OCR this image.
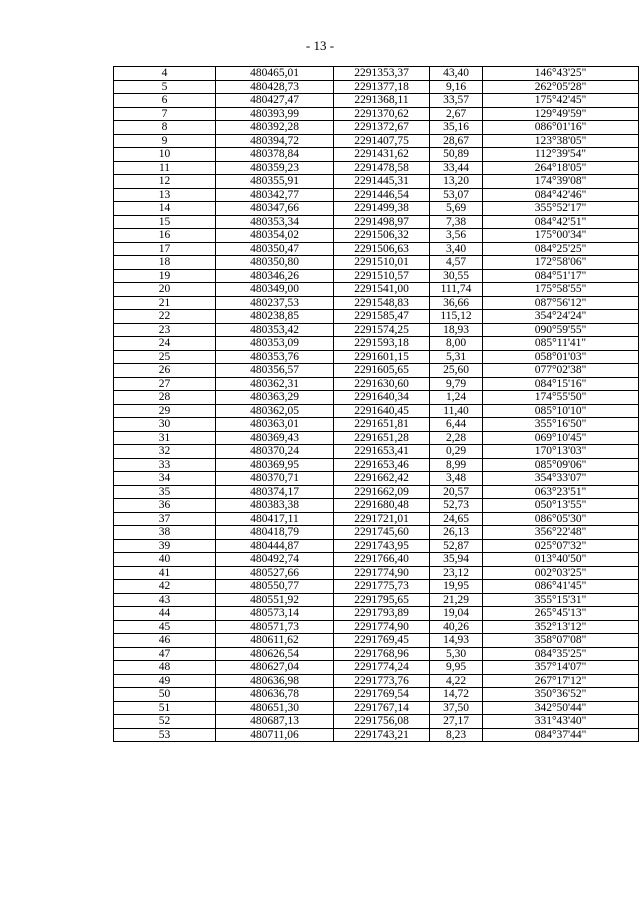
- 13 -
4	480465,01	2291353,37	43,40	146°43'25"
5	480428,73	2291377,18	9,16	262°05'28"
6	480427,47	2291368,11	33,57	175°42'45"
7	480393,99	2291370,62	2,67	129°49'59"
8	480392,28	2291372,67	35,16	086°01'16"
9	480394,72	2291407,75	28,67	123°38'05"
10	480378,84	2291431,62	50,89	112°39'54"
11	480359,23	2291478,58	33,44	264°18'05"
12	480355,91	2291445,31	13,20	174°39'08"
13	480342,77	2291446,54	53,07	084°42'46"
14	480347,66	2291499,38	5,69	355°52'17"
15	480353,34	2291498,97	7,38	084°42'51"
16	480354,02	2291506,32	3,56	175°00'34"
17	480350,47	2291506,63	3,40	084°25'25"
18	480350,80	2291510,01	4,57	172°58'06"
19	480346,26	2291510,57	30,55	084°51'17"
20	480349,00	2291541,00	111,74	175°58'55"
21	480237,53	2291548,83	36,66	087°56'12"
22	480238,85	2291585,47	115,12	354°24'24"
23	480353,42	2291574,25	18,93	090°59'55"
24	480353,09	2291593,18	8,00	085°11'41"
25	480353,76	2291601,15	5,31	058°01'03"
26	480356,57	2291605,65	25,60	077°02'38"
27	480362,31	2291630,60	9,79	084°15'16"
28	480363,29	2291640,34	1,24	174°55'50"
29	480362,05	2291640,45	11,40	085°10'10"
30	480363,01	2291651,81	6,44	355°16'50"
31	480369,43	2291651,28	2,28	069°10'45"
32	480370,24	2291653,41	0,29	170°13'03"
33	480369,95	2291653,46	8,99	085°09'06"
34	480370,71	2291662,42	3,48	354°33'07"
35	480374,17	2291662,09	20,57	063°23'51"
36	480383,38	2291680,48	52,73	050°13'55"
37	480417,11	2291721,01	24,65	086°05'30"
38	480418,79	2291745,60	26,13	356°22'48"
39	480444,87	2291743,95	52,87	025°07'32"
40	480492,74	2291766,40	35,94	013°40'50"
41	480527,66	2291774,90	23,12	002°03'25"
42	480550,77	2291775,73	19,95	086°41'45"
43	480551,92	2291795,65	21,29	355°15'31"
44	480573,14	2291793,89	19,04	265°45'13"
45	480571,73	2291774,90	40,26	352°13'12"
46	480611,62	2291769,45	14,93	358°07'08"
47	480626,54	2291768,96	5,30	084°35'25"
48	480627,04	2291774,24	9,95	357°14'07"
49	480636,98	2291773,76	4,22	267°17'12"
50	480636,78	2291769,54	14,72	350°36'52"
51	480651,30	2291767,14	37,50	342°50'44"
52	480687,13	2291756,08	27,17	331°43'40"
53	480711,06	2291743,21	8,23	084°37'44"
